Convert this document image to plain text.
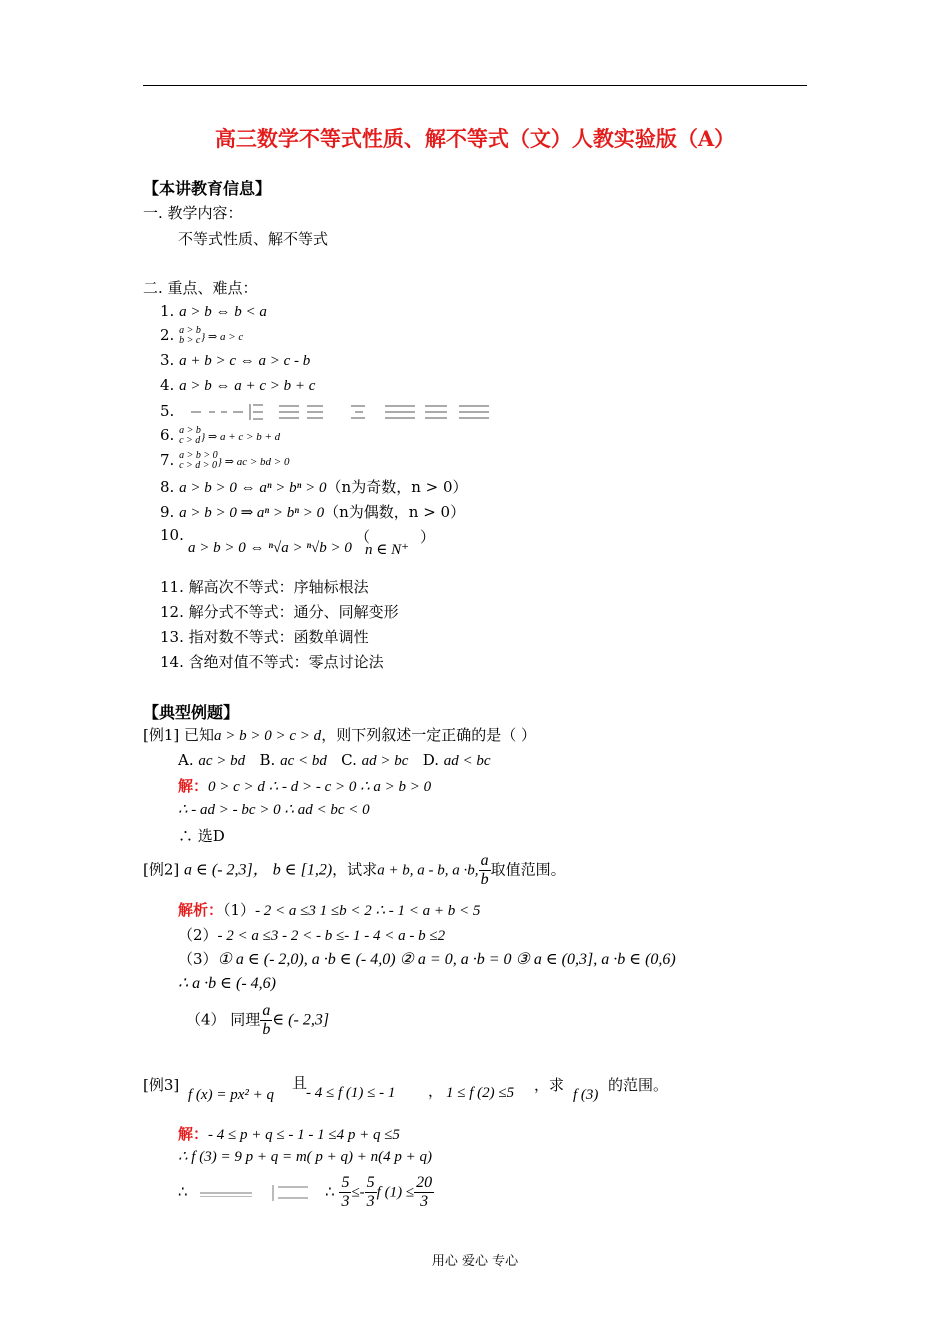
高三数学不等式性质、解不等式（文）人教实验版（A）
【本讲教育信息】
一. 教学内容：
不等式性质、解不等式
二. 重点、难点：
1. a > b ⇔ b < a
2. a > b
b > c} ⇒ a > c
3. a + b > c ⇔ a > c - b
4. a > b ⇔ a + c > b + c
5.
6. a > b
c > d} ⇒ a + c > b + d
7. a > b > 0
c > d > 0} ⇒ ac > bd > 0
8. a > b > 0 ⇔ aⁿ > bⁿ > 0（n为奇数，n > 0）
9. a > b > 0 ⇒ aⁿ > bⁿ > 0（n为偶数，n > 0）
10.
a > b > 0 ⇔ ⁿ√a > ⁿ√b > 0
（
n ∈ N⁺
）
11. 解高次不等式：序轴标根法
12. 解分式不等式：通分、同解变形
13. 指对数不等式：函数单调性
14. 含绝对值不等式：零点讨论法
【典型例题】
[例1] 已知a > b > 0 > c > d，则下列叙述一定正确的是（ ）
A. ac > bd B. ac < bd C. ad > bc D. ad < bc
解：0 > c > d ∴ - d > - c > 0 ∴ a > b > 0
∴ - ad > - bc > 0 ∴ ad < bc < 0
∴ 选D
[例2] a ∈ (- 2,3]， b ∈ [1,2)，试求a + b, a - b, a ·b, $\frac{a}{b}$ 取值范围。
解析：（1）- 2 < a ≤3 1 ≤b < 2 ∴ - 1 < a + b < 5
（2）- 2 < a ≤3 - 2 < - b ≤- 1 - 4 < a - b ≤2
（3）① a ∈ (- 2,0), a ·b ∈ (- 4,0) ② a = 0, a ·b = 0 ③ a ∈ (0,3], a ·b ∈ (0,6)
∴ a ·b ∈ (- 4,6)
（4） 同理 $\frac{a}{b}$ ∈ (- 2,3]
[例3]
f (x) = px² + q
且
- 4 ≤ f (1) ≤ - 1 ， 1 ≤ f (2) ≤5 ，求
f (3)
的范围。
解：- 4 ≤ p + q ≤ - 1 - 1 ≤4 p + q ≤5
∴ f (3) = 9 p + q = m( p + q) + n(4 p + q)
∴	∴ $\frac{5}{3} \le- \frac{5}{3}$ f $(1) \le \frac{20}{3}$
用心 爱心 专心
